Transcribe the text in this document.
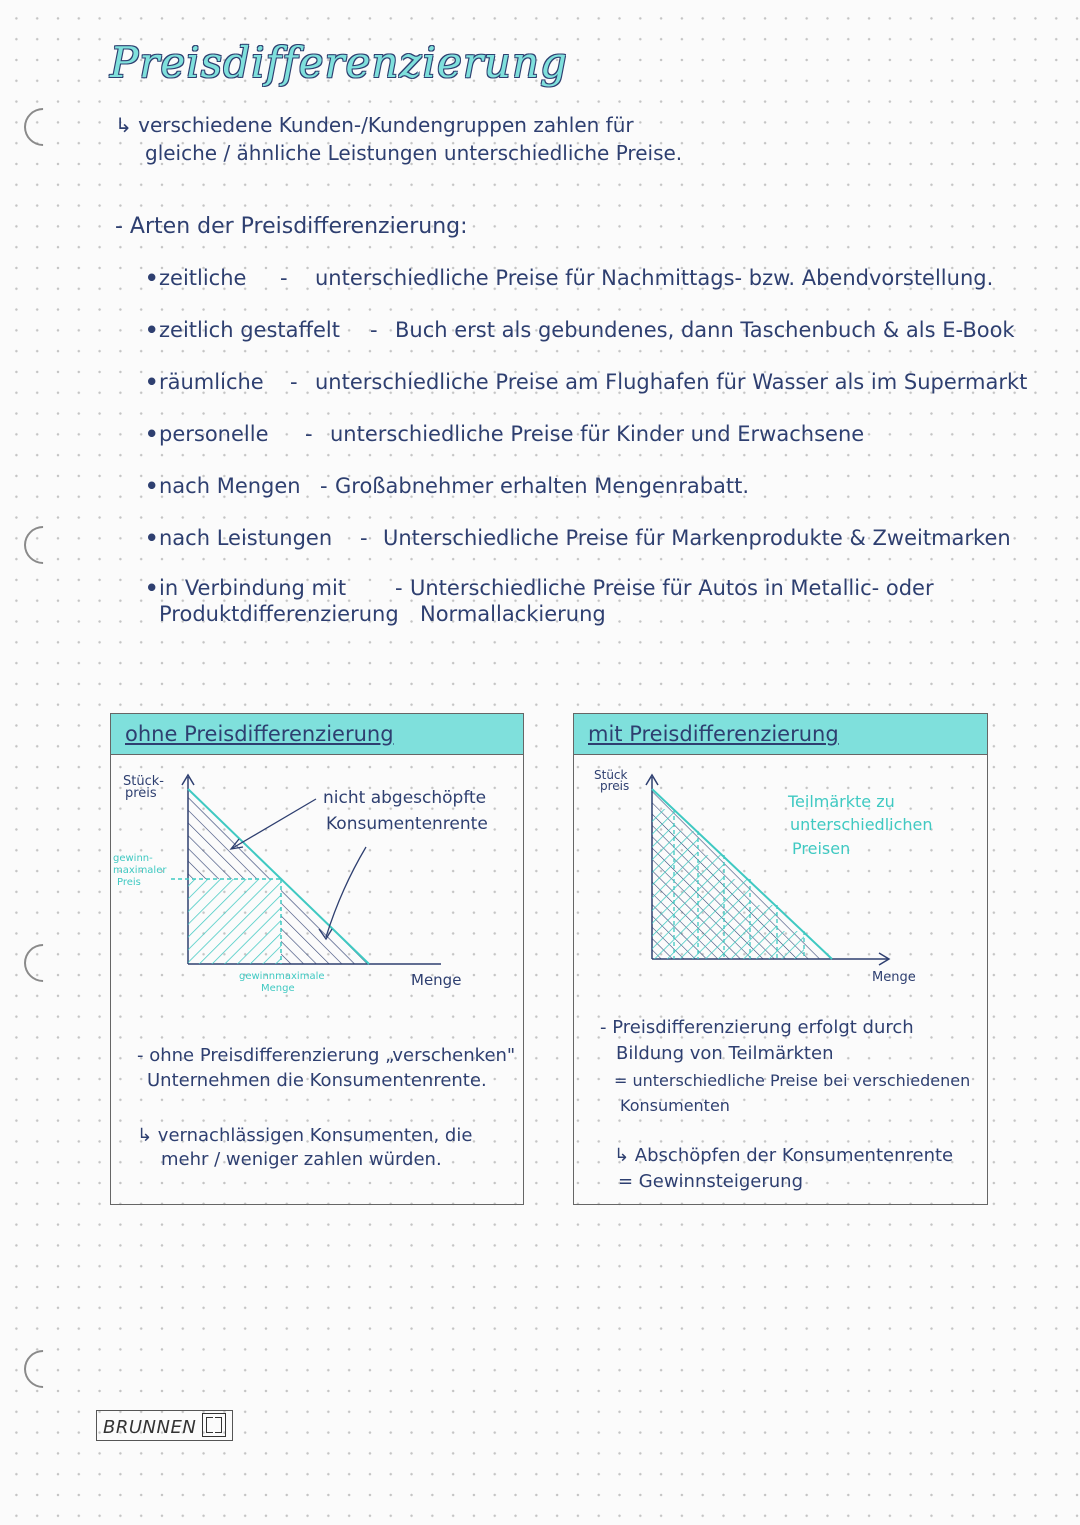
Preisdifferenzierung
↳ verschiedene Kunden-/Kundengruppen zahlen für
gleiche / ähnliche Leistungen unterschiedliche Preise.
- Arten der Preisdifferenzierung:
•zeitliche - unterschiedliche Preise für Nachmittags- bzw. Abendvorstellung.
•zeitlich gestaffelt - Buch erst als gebundenes, dann Taschenbuch & als E-Book
•räumliche - unterschiedliche Preise am Flughafen für Wasser als im Supermarkt
•personelle - unterschiedliche Preise für Kinder und Erwachsene
•nach Mengen - Großabnehmer erhalten Mengenrabatt.
•nach Leistungen - Unterschiedliche Preise für Markenprodukte & Zweitmarken
•in Verbindung mit - Unterschiedliche Preise für Autos in Metallic- oder
Produktdifferenzierung Normallackierung
ohne Preisdifferenzierung
Stück-
preis
gewinn-
maximaler
Preis
nicht abgeschöpfte
Konsumentenrente
gewinnmaximale
Menge	Menge
- ohne Preisdifferenzierung „verschenken"
Unternehmen die Konsumentenrente.
↳ vernachlässigen Konsumenten, die
mehr / weniger zahlen würden.
mit Preisdifferenzierung
Stück
preis
Teilmärkte zu
unterschiedlichen
Preisen
Menge
- Preisdifferenzierung erfolgt durch
Bildung von Teilmärkten
= unterschiedliche Preise bei verschiedenen
Konsumenten
↳ Abschöpfen der Konsumentenrente
= Gewinnsteigerung
BRUNNEN
